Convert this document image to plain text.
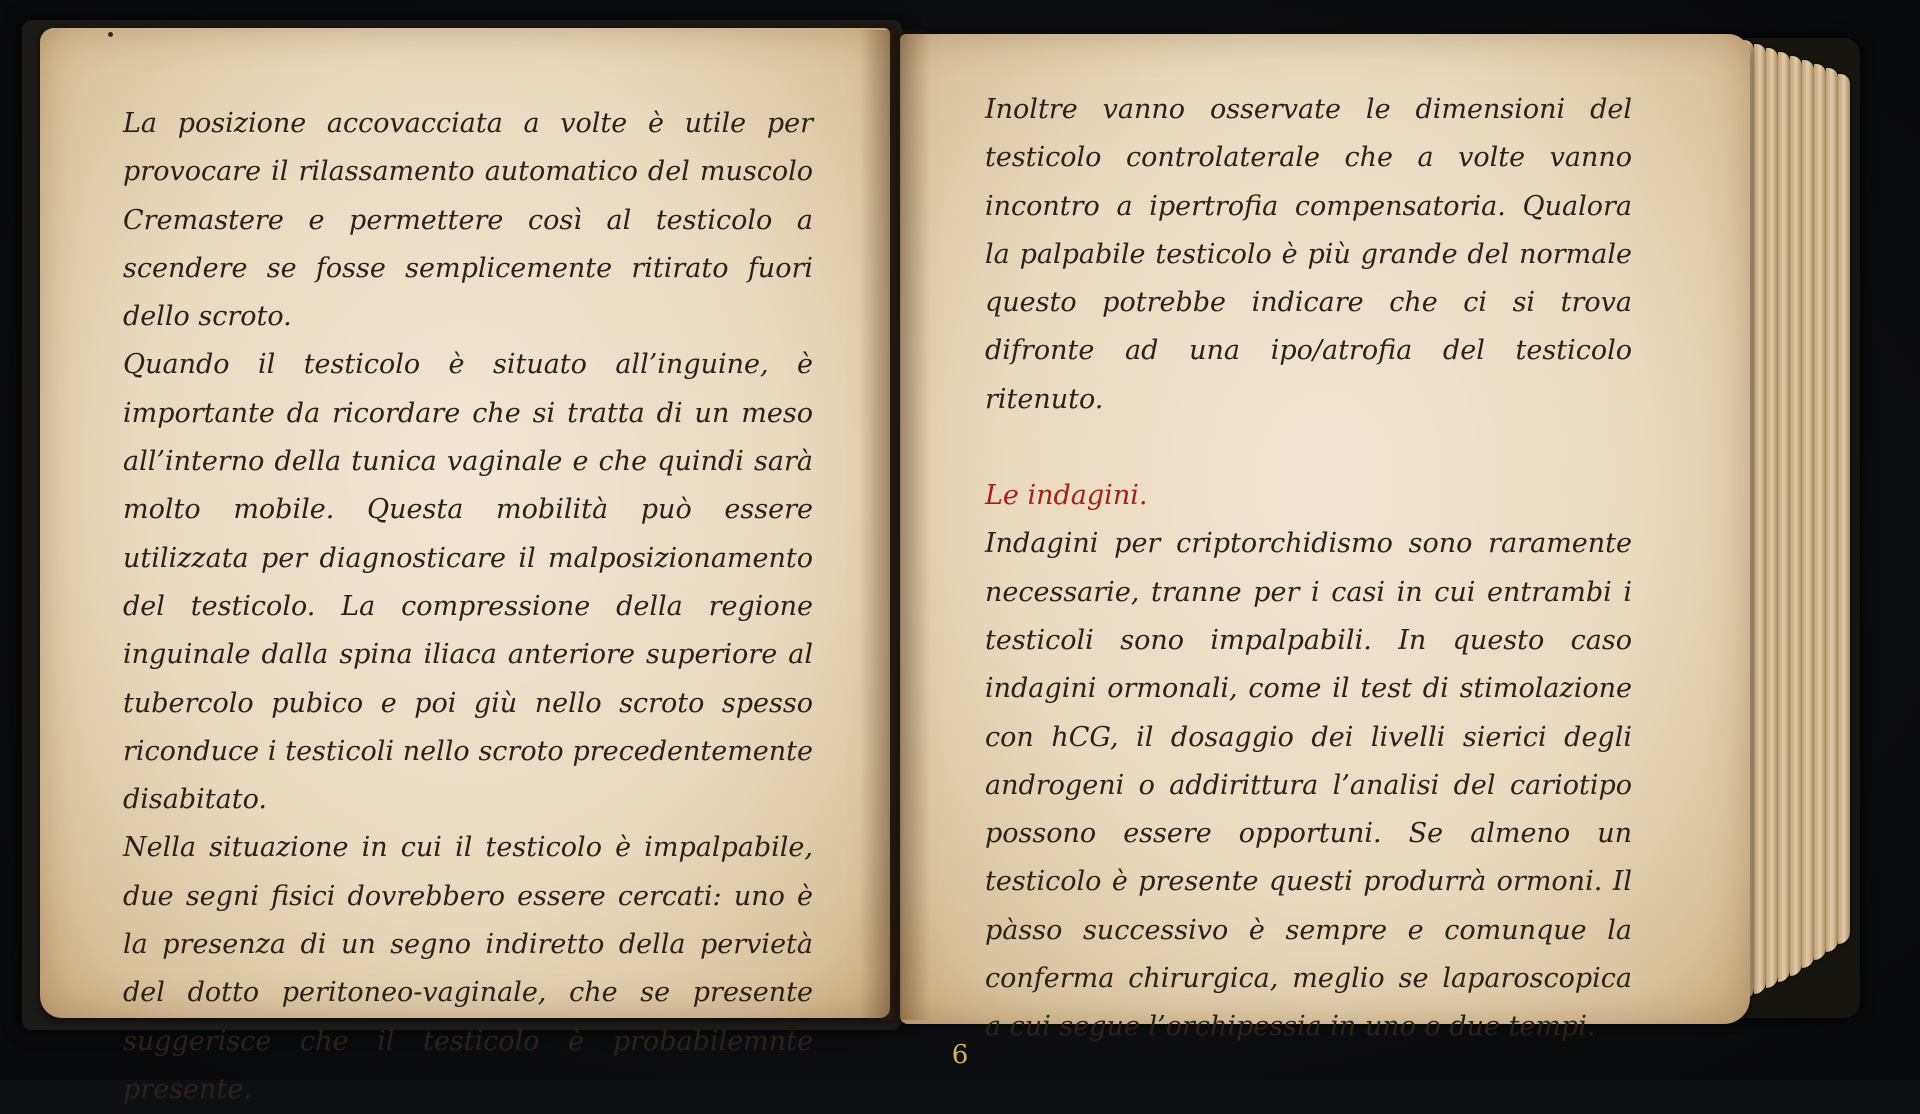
La posizione accovacciata a volte è utile per provocare il rilassamento automatico del muscolo Cremastere e permettere così al testicolo a scendere se fosse semplicemente ritirato fuori dello scroto.

Quando il testicolo è situato all’inguine, è importante da ricordare che si tratta di un meso all’interno della tunica vaginale e che quindi sarà molto mobile. Questa mobilità può essere utilizzata per diagnosticare il malposizionamento del testicolo. La compressione della regione inguinale dalla spina iliaca anteriore superiore al tubercolo pubico e poi giù nello scroto spesso riconduce i testicoli nello scroto precedentemente disabitato.

Nella situazione in cui il testicolo è impalpabile, due segni fisici dovrebbero essere cercati: uno è la presenza di un segno indiretto della pervietà del dotto peritoneo-vaginale, che se presente suggerisce che il testicolo è probabilemnte presente.

Inoltre vanno osservate le dimensioni del testicolo controlaterale che a volte vanno incontro a ipertrofia compensatoria. Qualora la palpabile testicolo è più grande del normale questo potrebbe indicare che ci si trova difronte ad una ipo/atrofia del testicolo ritenuto.

Le indagini.

Indagini per criptorchidismo sono raramente necessarie, tranne per i casi in cui entrambi i testicoli sono impalpabili. In questo caso indagini ormonali, come il test di stimolazione con hCG, il dosaggio dei livelli sierici degli androgeni o addirittura l’analisi del cariotipo possono essere opportuni. Se almeno un testicolo è presente questi produrrà ormoni. Il pàsso successivo è sempre e comunque la conferma chirurgica, meglio se laparoscopica a cui segue l’orchipessia in uno o due tempi.

6
